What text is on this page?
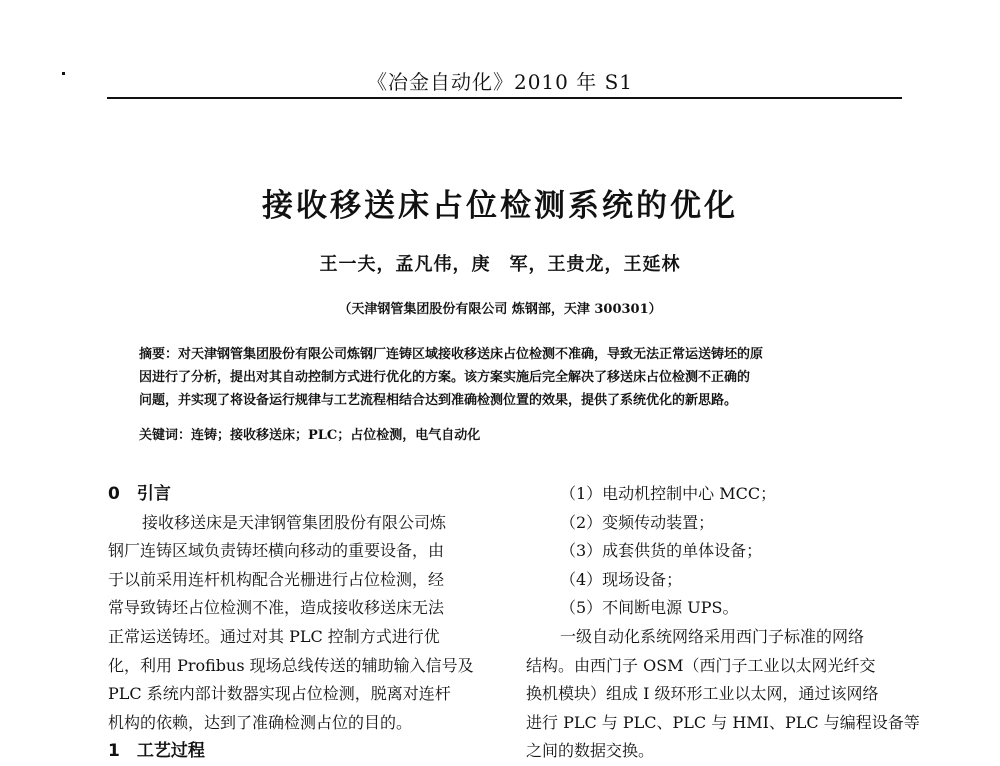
《冶金自动化》2010 年 S1
接收移送床占位检测系统的优化
王一夫，孟凡伟，庚　军，王贵龙，王延林
（天津钢管集团股份有限公司 炼钢部，天津 300301）
摘要：对天津钢管集团股份有限公司炼钢厂连铸区域接收移送床占位检测不准确，导致无法正常运送铸坯的原
因进行了分析，提出对其自动控制方式进行优化的方案。该方案实施后完全解决了移送床占位检测不正确的
问题，并实现了将设备运行规律与工艺流程相结合达到准确检测位置的效果，提供了系统优化的新思路。
关键词：连铸；接收移送床；PLC；占位检测，电气自动化
0　引言
接收移送床是天津钢管集团股份有限公司炼
钢厂连铸区域负责铸坯横向移动的重要设备，由
于以前采用连杆机构配合光栅进行占位检测，经
常导致铸坯占位检测不准，造成接收移送床无法
正常运送铸坯。通过对其 PLC 控制方式进行优
化，利用 Profibus 现场总线传送的辅助输入信号及
PLC 系统内部计数器实现占位检测，脱离对连杆
机构的依赖，达到了准确检测占位的目的。
1　工艺过程
（1）电动机控制中心 MCC；
（2）变频传动装置；
（3）成套供货的单体设备；
（4）现场设备；
（5）不间断电源 UPS。
一级自动化系统网络采用西门子标准的网络
结构。由西门子 OSM（西门子工业以太网光纤交
换机模块）组成 I 级环形工业以太网，通过该网络
进行 PLC 与 PLC、PLC 与 HMI、PLC 与编程设备等
之间的数据交换。
